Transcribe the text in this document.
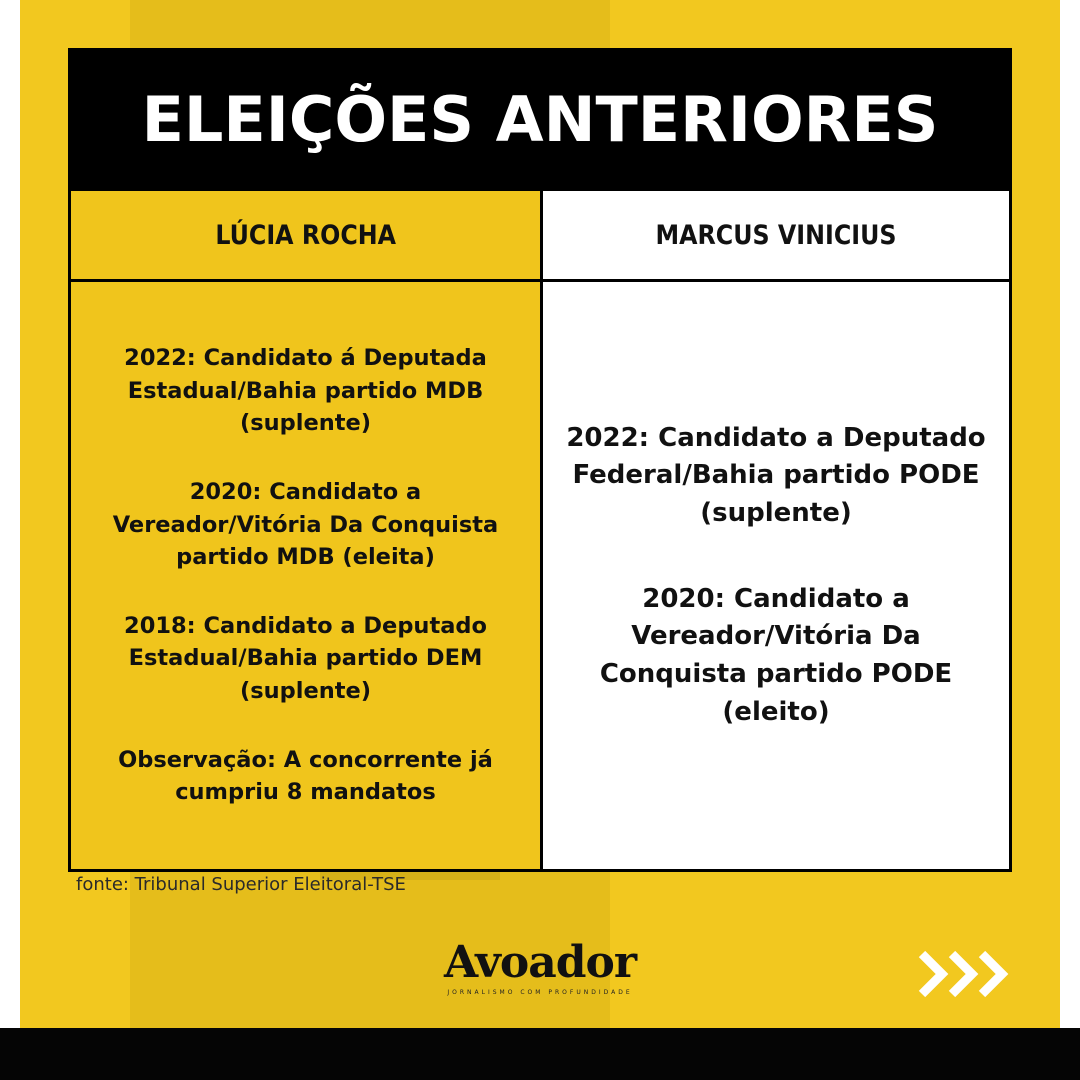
ELEIÇÕES ANTERIORES
LÚCIA ROCHA	MARCUS VINICIUS
2022: Candidato á Deputada
Estadual/Bahia partido MDB
(suplente)
2020: Candidato a
Vereador/Vitória Da Conquista
partido MDB (eleita)
2018: Candidato a Deputado
Estadual/Bahia partido DEM
(suplente)
Observação: A concorrente já
cumpriu 8 mandatos
2022: Candidato a Deputado
Federal/Bahia partido PODE
(suplente)
2020: Candidato a
Vereador/Vitória Da
Conquista partido PODE
(eleito)
fonte: Tribunal Superior Eleitoral-TSE
Avoador
JORNALISMO COM PROFUNDIDADE
